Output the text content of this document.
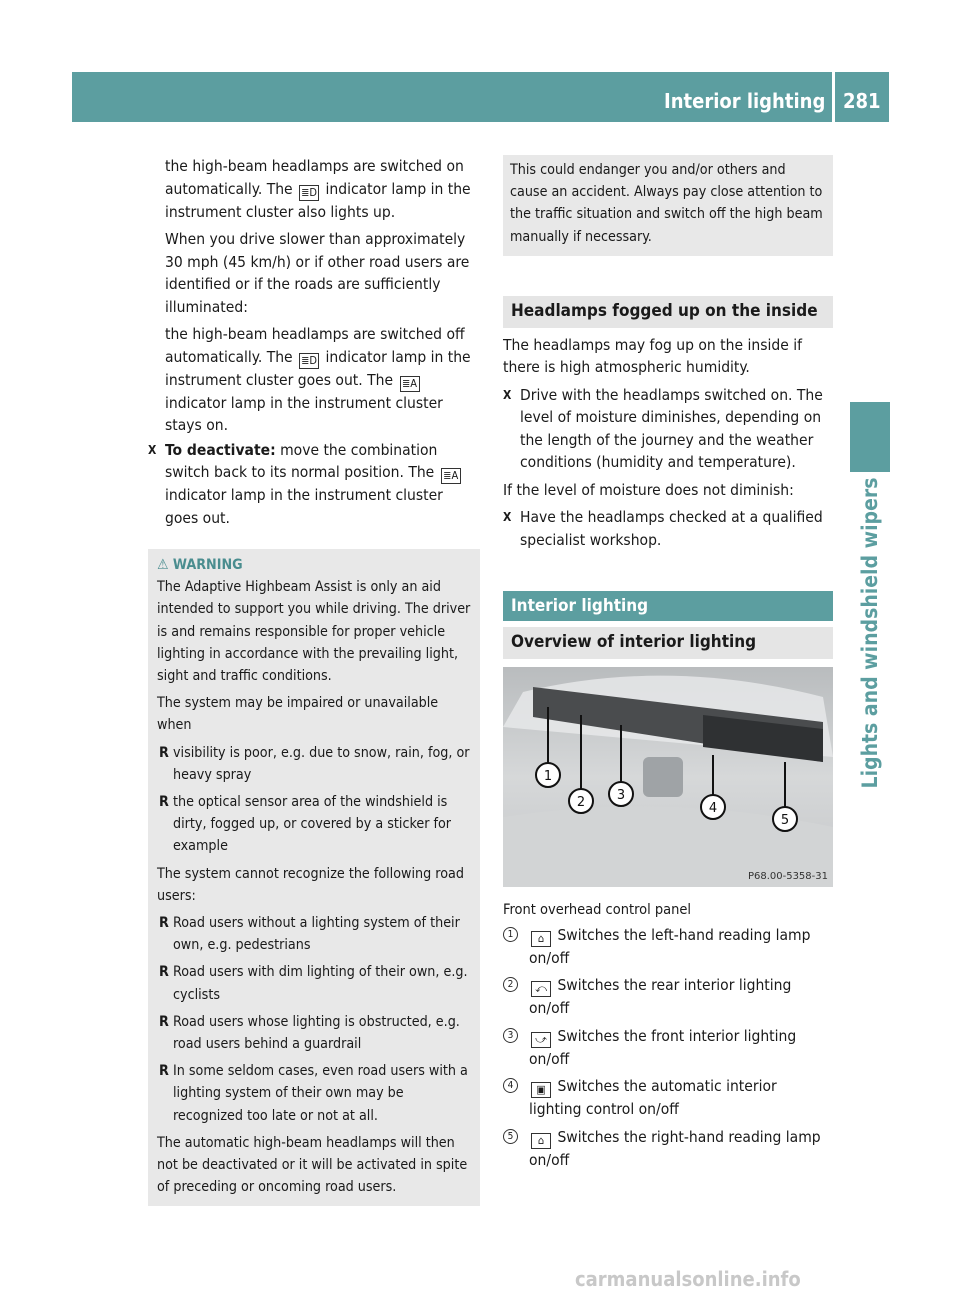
Interior lighting 281
Lights and windshield wipers

the high-beam headlamps are switched on automatically. The ≣D indicator lamp in the instrument cluster also lights up.

When you drive slower than approximately 30 mph (45 km/h) or if other road users are identified or if the roads are sufficiently illuminated:

the high-beam headlamps are switched off automatically. The ≣D indicator lamp in the instrument cluster goes out. The ≣A indicator lamp in the instrument cluster stays on.

X To deactivate: move the combination switch back to its normal position. The ≣A indicator lamp in the instrument cluster goes out.
⚠ WARNING

The Adaptive Highbeam Assist is only an aid intended to support you while driving. The driver is and remains responsible for proper vehicle lighting in accordance with the prevailing light, sight and traffic conditions.

The system may be impaired or unavailable when

R visibility is poor, e.g. due to snow, rain, fog, or heavy spray
R the optical sensor area of the windshield is dirty, fogged up, or covered by a sticker for example

The system cannot recognize the following road users:

R Road users without a lighting system of their own, e.g. pedestrians
R Road users with dim lighting of their own, e.g. cyclists
R Road users whose lighting is obstructed, e.g. road users behind a guardrail
R In some seldom cases, even road users with a lighting system of their own may be recognized too late or not at all.

The automatic high-beam headlamps will then not be deactivated or it will be activated in spite of preceding or oncoming road users.

This could endanger you and/or others and cause an accident. Always pay close attention to the traffic situation and switch off the high beam manually if necessary.
Headlamps fogged up on the inside

The headlamps may fog up on the inside if there is high atmospheric humidity.

X Drive with the headlamps switched on. The level of moisture diminishes, depending on the length of the journey and the weather conditions (humidity and temperature).

If the level of moisture does not diminish:

X Have the headlamps checked at a qualified specialist workshop.
Interior lighting
Overview of interior lighting
1
2 3
4
5
P68.00-5358-31

Front overhead control panel

1	⌂ Switches the left-hand reading lamp on/off
2	⤺ Switches the rear interior lighting on/off
3	⤻ Switches the front interior lighting on/off
4	▣ Switches the automatic interior lighting control on/off
5	⌂ Switches the right-hand reading lamp on/off
carmanualsonline.info
